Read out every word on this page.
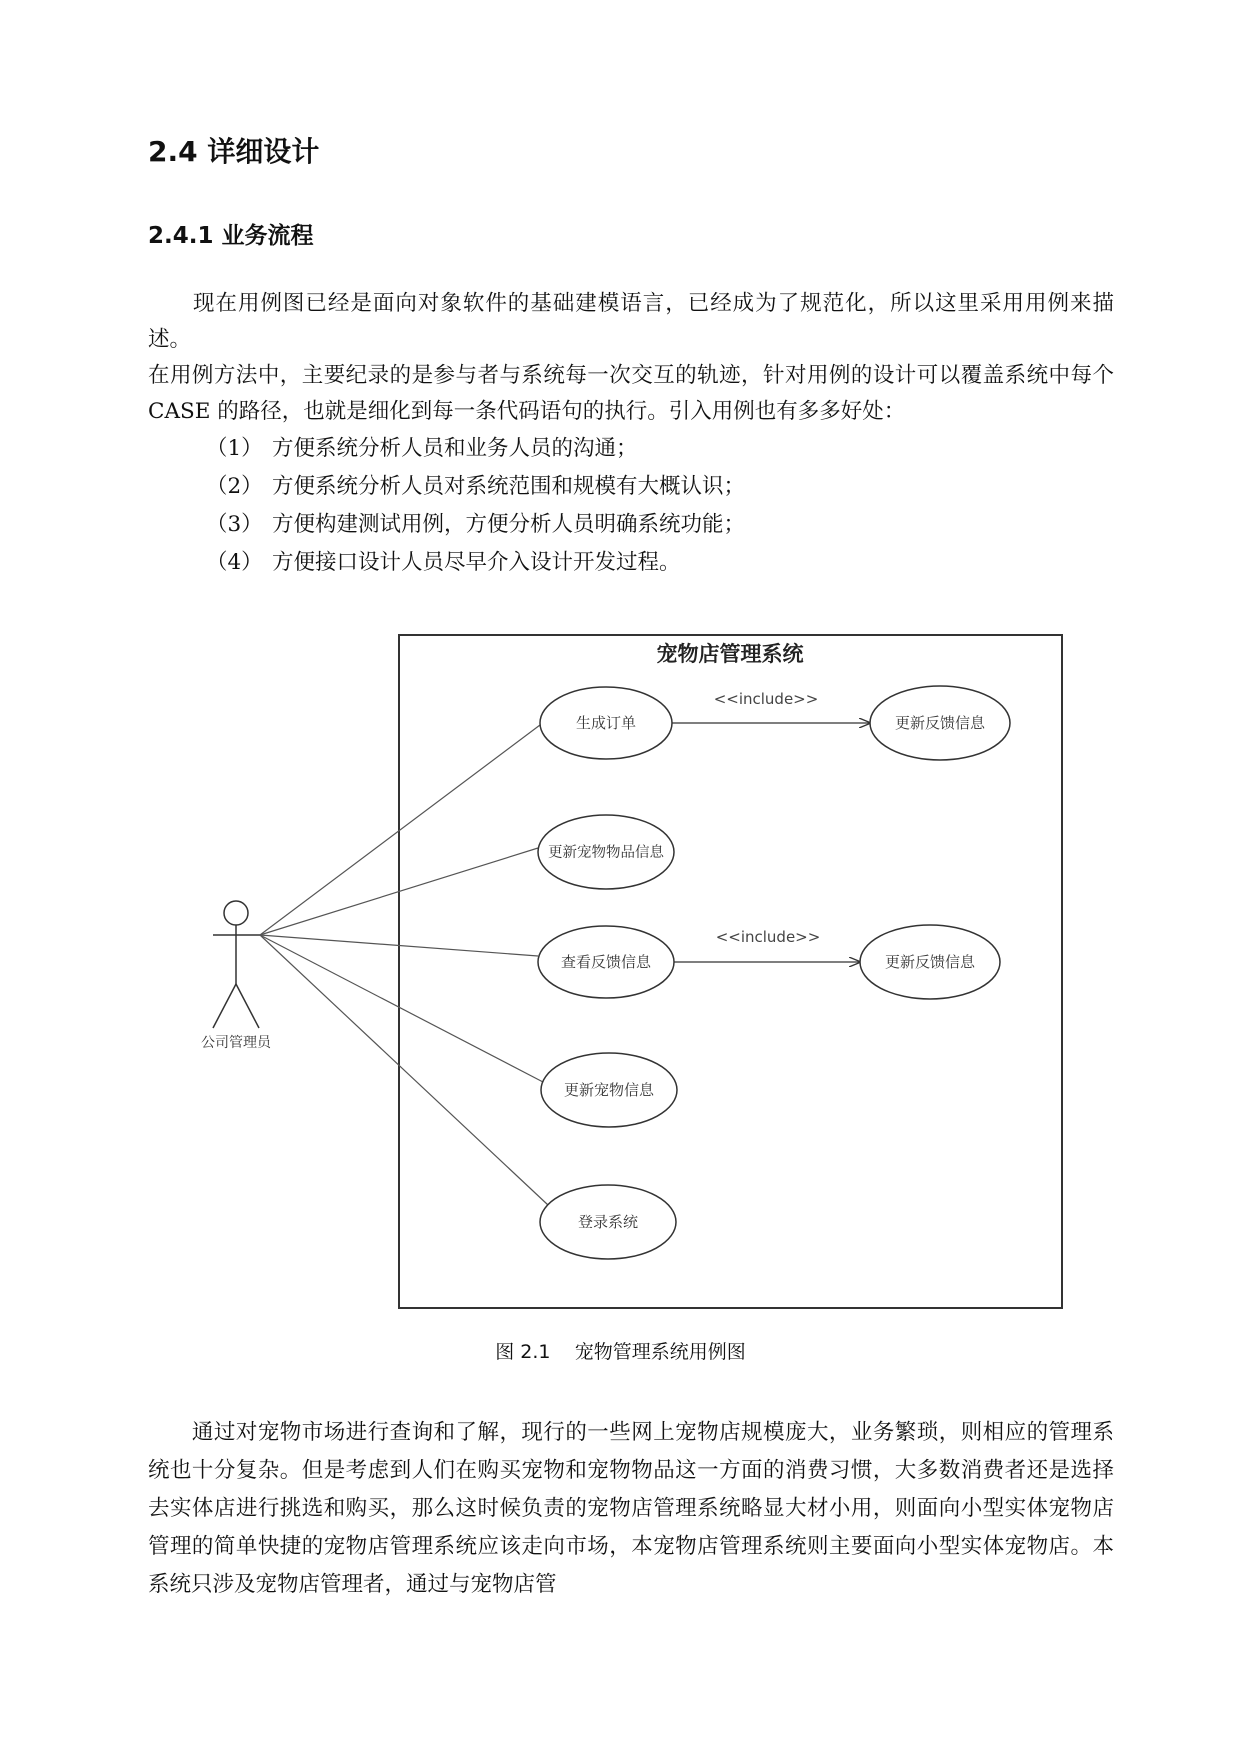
2.4 详细设计
2.4.1 业务流程

　　现在用例图已经是面向对象软件的基础建模语言，已经成为了规范化，所以这里采用用例来描述。

在用例方法中，主要纪录的是参与者与系统每一次交互的轨迹，针对用例的设计可以覆盖系统中每个 CASE 的路径，也就是细化到每一条代码语句的执行。引入用例也有多多好处：

（1） 方便系统分析人员和业务人员的沟通；
（2） 方便系统分析人员对系统范围和规模有大概认识；
（3） 方便构建测试用例，方便分析人员明确系统功能；
（4） 方便接口设计人员尽早介入设计开发过程。
宠物店管理系统
公司管理员
生成订单
更新宠物物品信息
查看反馈信息
更新宠物信息
登录系统
<<include>>
更新反馈信息
<<include>>
更新反馈信息

图 2.1 宠物管理系统用例图

　　通过对宠物市场进行查询和了解，现行的一些网上宠物店规模庞大，业务繁琐，则相应的管理系统也十分复杂。但是考虑到人们在购买宠物和宠物物品这一方面的消费习惯，大多数消费者还是选择去实体店进行挑选和购买，那么这时候负责的宠物店管理系统略显大材小用，则面向小型实体宠物店管理的简单快捷的宠物店管理系统应该走向市场，本宠物店管理系统则主要面向小型实体宠物店。本系统只涉及宠物店管理者，通过与宠物店管
